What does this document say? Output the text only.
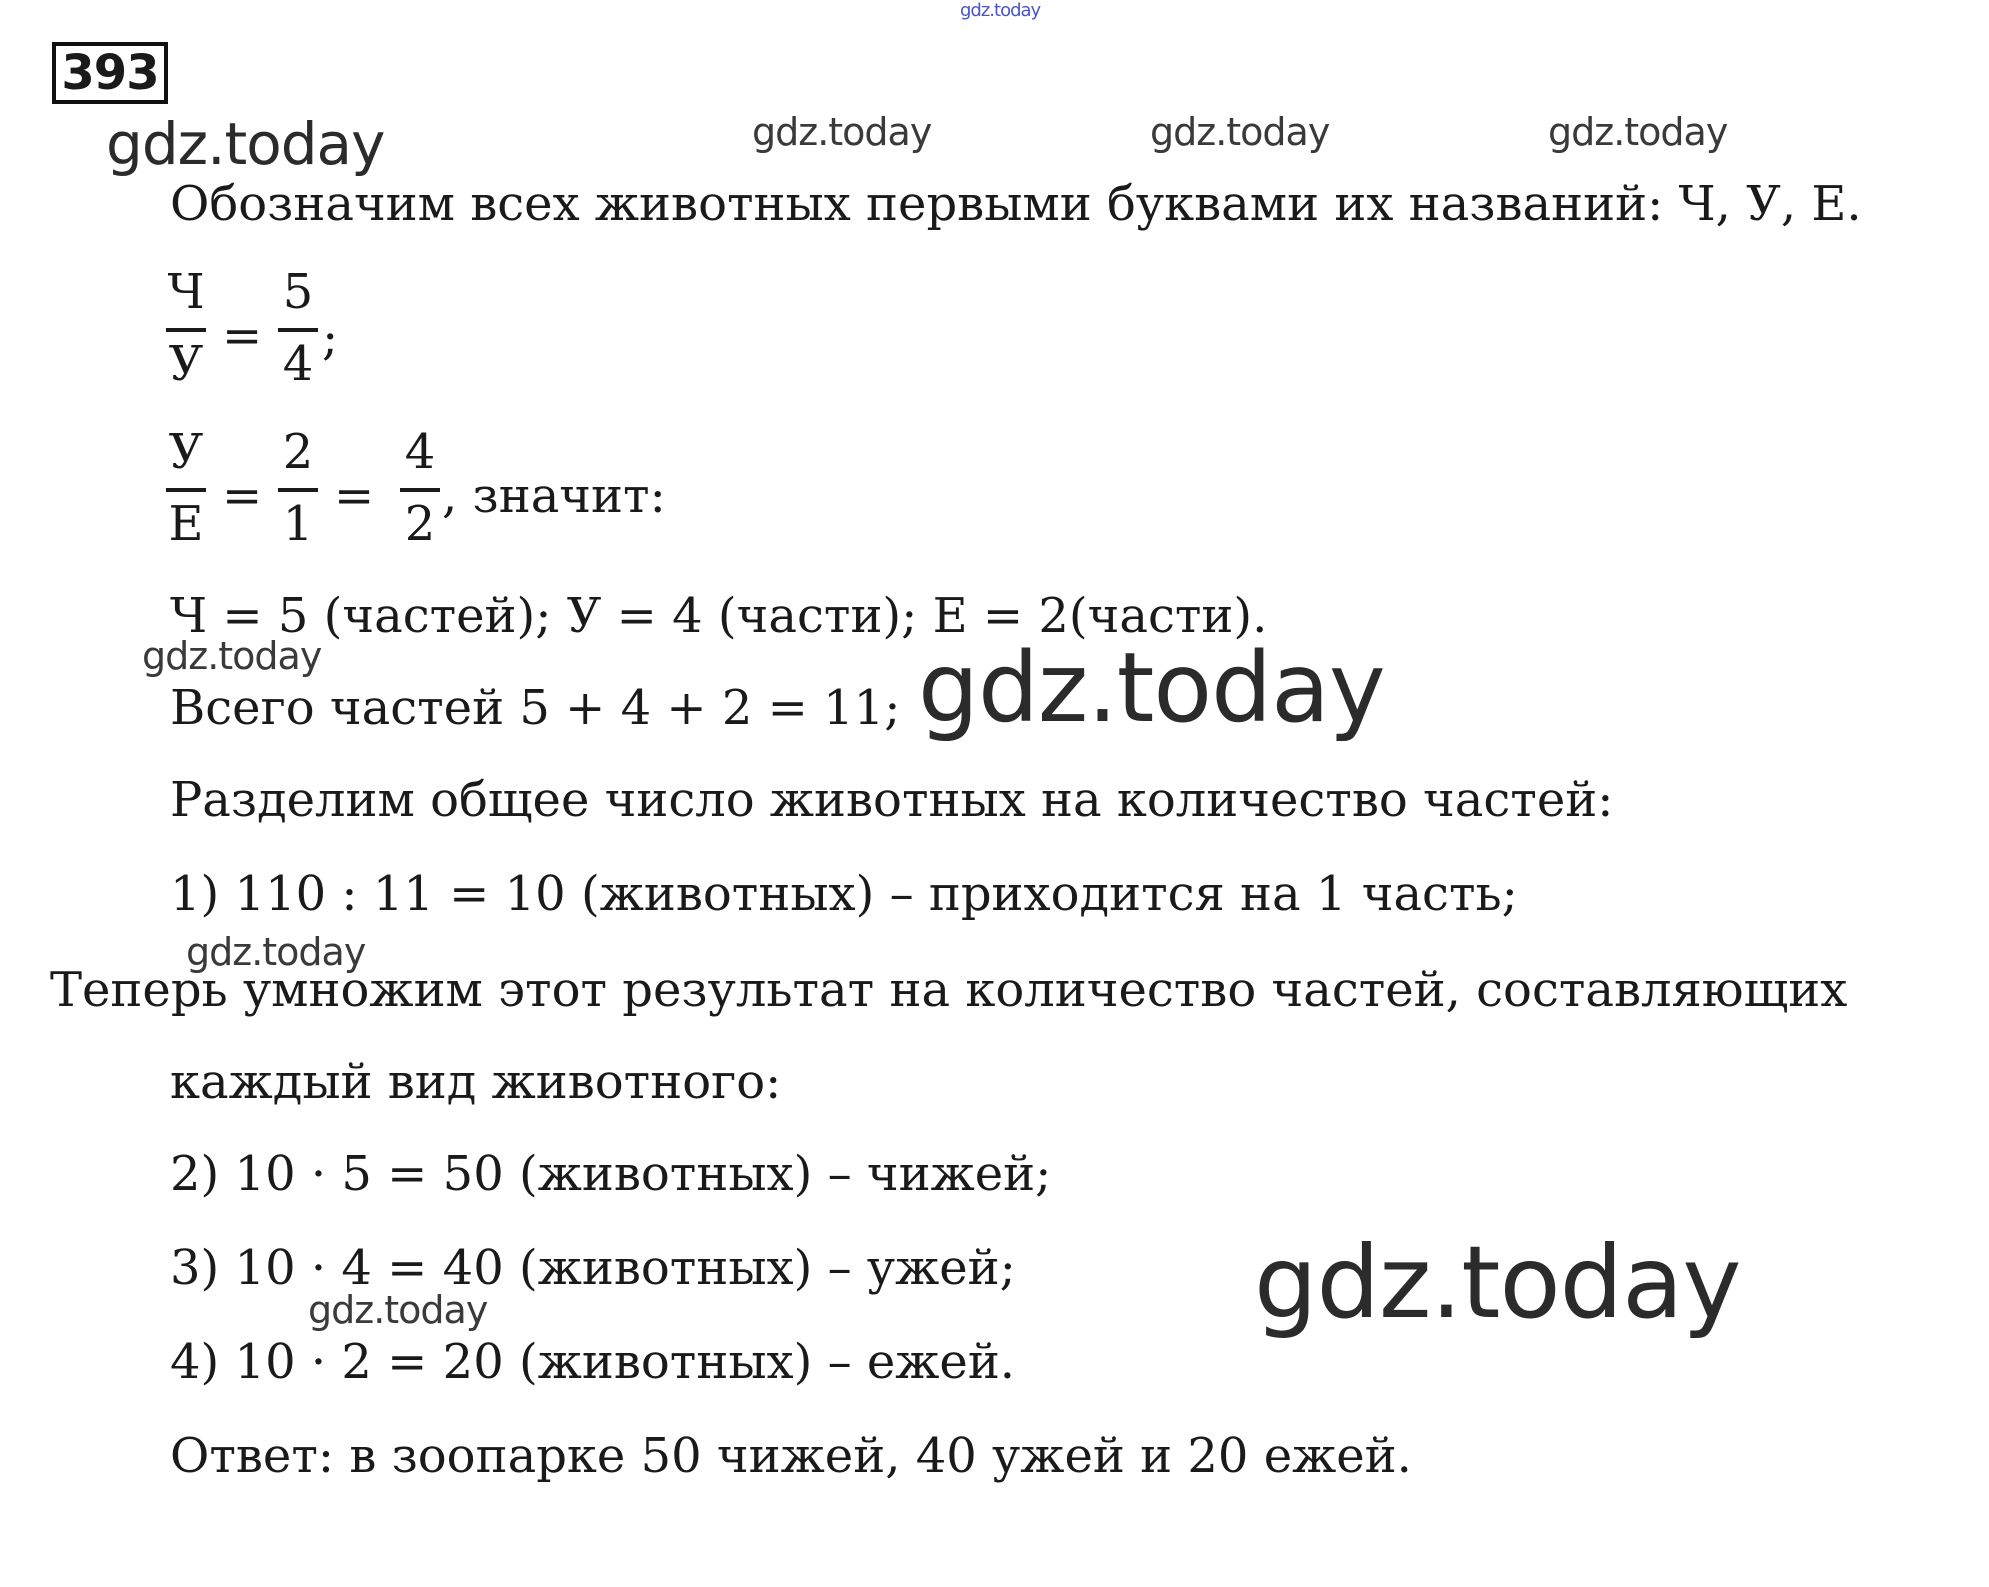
gdz.today
393
gdz.today	gdz.today	gdz.today	gdz.today
Обозначим всех животных первыми буквами их названий: Ч, У, Е.
Ч
У =
5
4 ;
У
Е =
2
1 =
4
2 , значит:
Ч = 5 (частей); У = 4 (части); Е = 2(части).
gdz.today
Всего частей 5 + 4 + 2 = 11; gdz.today
Разделим общее число животных на количество частей:
1) 110 : 11 = 10 (животных) – приходится на 1 часть;
gdz.today
Теперь умножим этот результат на количество частей, составляющих
каждый вид животного:
2) 10 · 5 = 50 (животных) – чижей;
3) 10 · 4 = 40 (животных) – ужей; gdz.today
gdz.today
4) 10 · 2 = 20 (животных) – ежей.
Ответ: в зоопарке 50 чижей, 40 ужей и 20 ежей.
